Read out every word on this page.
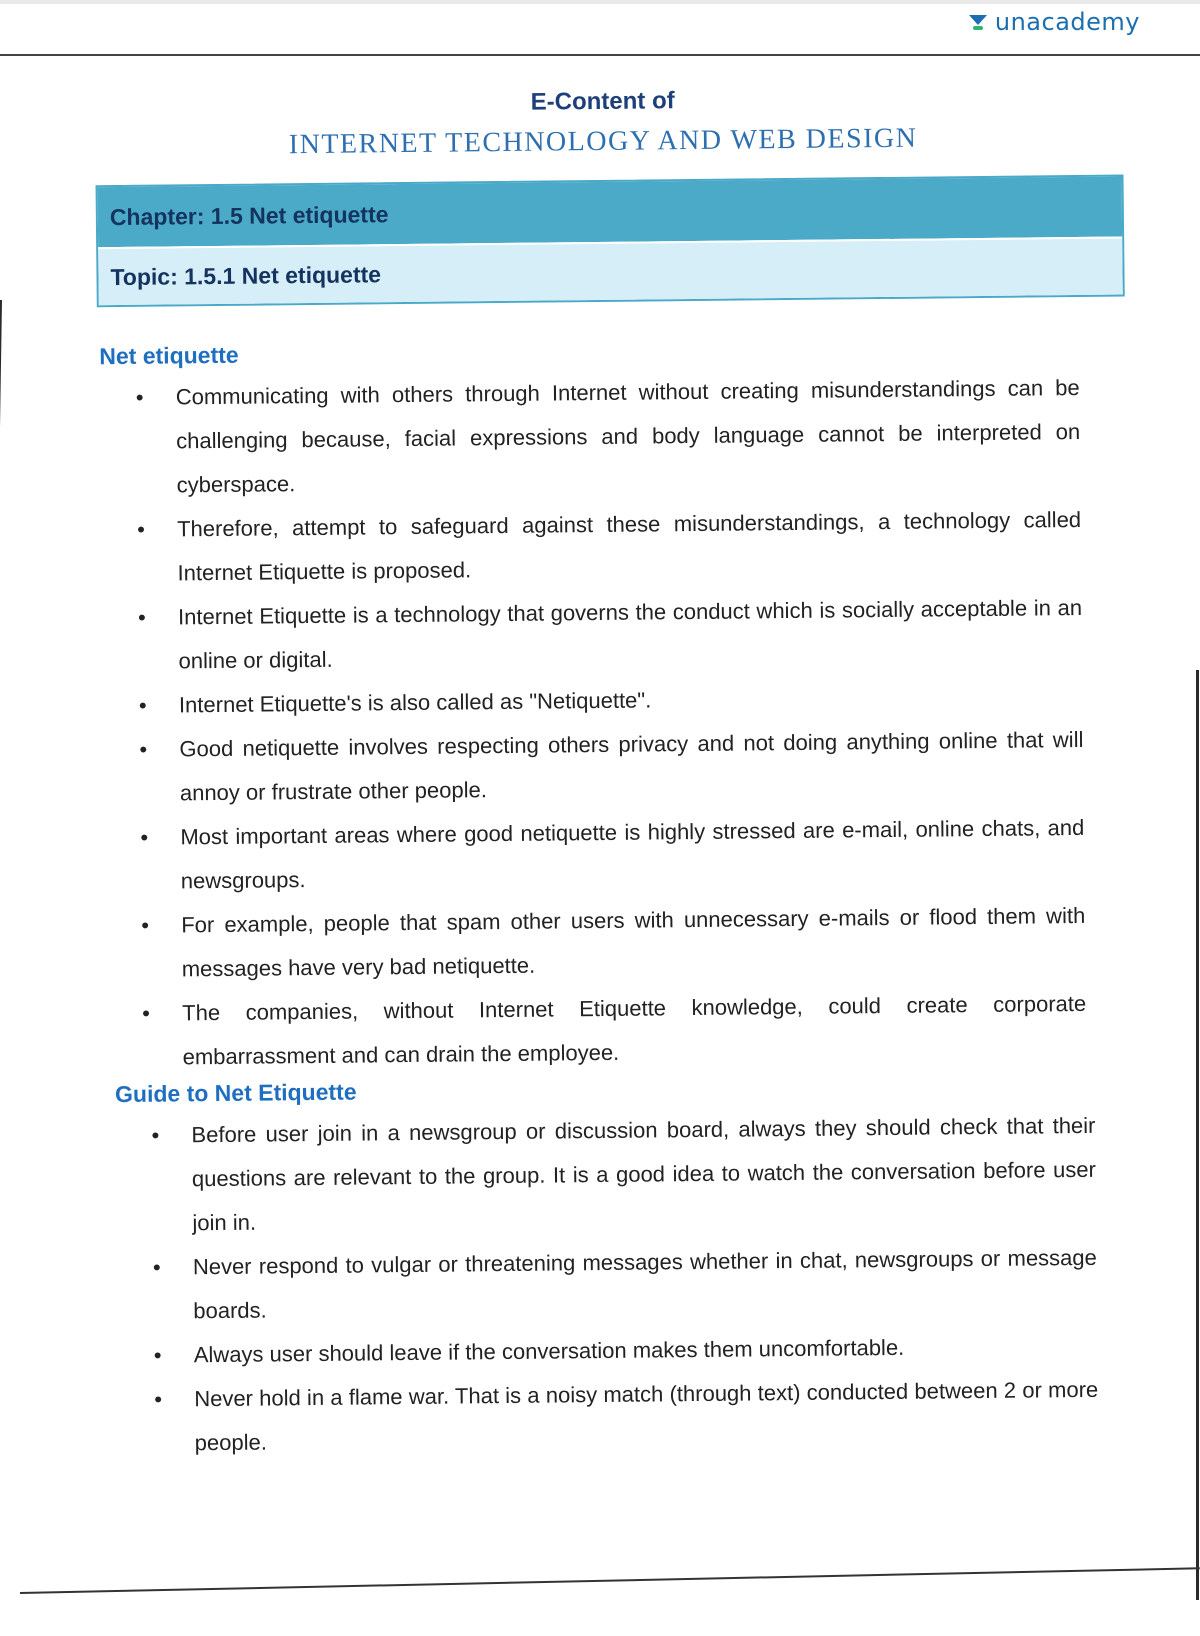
unacademy
E-Content of
INTERNET TECHNOLOGY AND WEB DESIGN
Chapter: 1.5 Net etiquette
Topic: 1.5.1 Net etiquette
Net etiquette
•	Communicating with others through Internet without creating misunderstandings can be challenging because, facial expressions and body language cannot be interpreted on cyberspace.
•	Therefore, attempt to safeguard against these misunderstandings, a technology called Internet Etiquette is proposed.
•	Internet Etiquette is a technology that governs the conduct which is socially acceptable in an online or digital.
•	Internet Etiquette's is also called as "Netiquette".
•	Good netiquette involves respecting others privacy and not doing anything online that will annoy or frustrate other people.
•	Most important areas where good netiquette is highly stressed are e-mail, online chats, and newsgroups.
•	For example, people that spam other users with unnecessary e-mails or flood them with messages have very bad netiquette.
•	The companies, without Internet Etiquette knowledge, could create corporate embarrassment and can drain the employee.
Guide to Net Etiquette
•	Before user join in a newsgroup or discussion board, always they should check that their questions are relevant to the group. It is a good idea to watch the conversation before user join in.
•	Never respond to vulgar or threatening messages whether in chat, newsgroups or message boards.
•	Always user should leave if the conversation makes them uncomfortable.
•	Never hold in a flame war. That is a noisy match (through text) conducted between 2 or more people.
